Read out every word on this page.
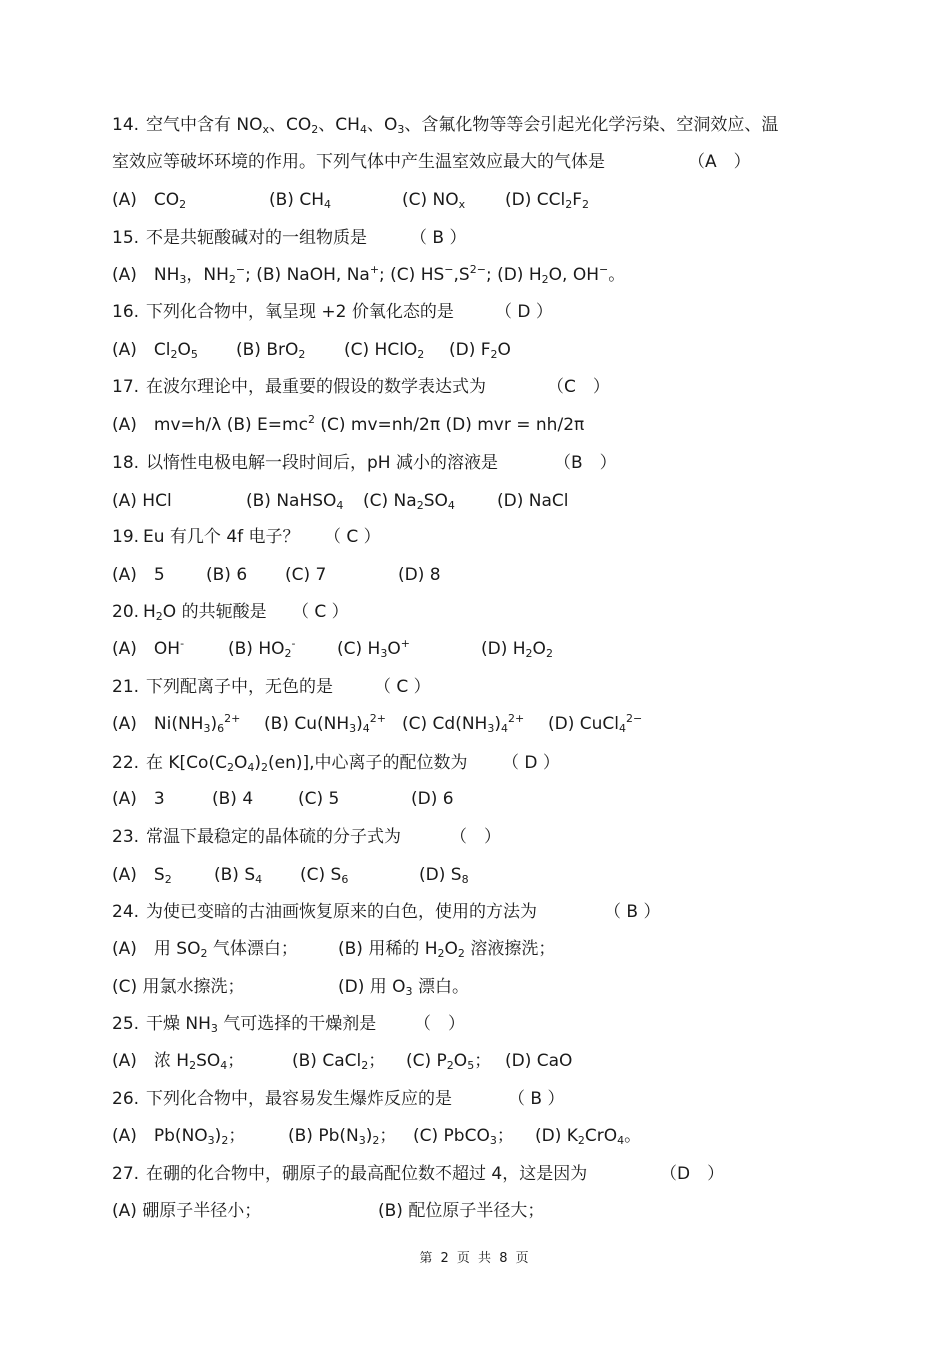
14. 空气中含有 $NO_x$、$CO_2$、$CH_4$、$O_3$、含氟化物等等会引起光化学污染、空洞效应、温
室效应等破坏环境的作用。下列气体中产生温室效应最大的气体是	（A　）
(A)　$CO_2$	(B) $CH_4$	(C) $NO_x$ (D) $CCl_2F_2$
15. 不是共轭酸碱对的一组物质是	（ B ）
(A)　$NH_3$，$NH_2^-$; (B) NaOH, Na+; (C) $HS^-,S^{2-}$; (D) $H_2O$, OH−。
16. 下列化合物中，氧呈现 +2 价氧化态的是 （ D ）
(A)　$Cl_2O_5$ (B) BrO$_2$ (C) HClO$_2$ (D) $F_2O$
17. 在波尔理论中，最重要的假设的数学表达式为	（C　）
(A)　mv=h/λ (B) $E=mc^2$ (C) mv=nh/2π (D) mvr = nh/2π
18. 以惰性电极电解一段时间后，pH 减小的溶液是	（B　）
(A) HCl	(B) NaHSO$_4$ (C) $Na_2SO_4$ (D) NaCl
19. Eu 有几个 4f 电子？ （ C ）
(A)　5 (B) 6 (C) 7	(D) 8
20. $H_2O$ 的共轭酸是 （ C ）
(A)　OH-	(B) $HO_2^-$ (C) $H_3O^+$	(D) $H_2O_2$
21. 下列配离子中，无色的是 （ C ）
(A)　$Ni(NH_3)_6^{2+}$ (B) $Cu(NH_3)_4^{2+}$ (C) $Cd(NH_3)_4^{2+}$ (D) CuCl$_4^{2-}$
22. 在 $K[Co(C_2O_4)_2(en)]$,中心离子的配位数为 （ D ）
(A)　3	(B) 4	(C) 5	(D) 6
23. 常温下最稳定的晶体硫的分子式为	（　）
(A)　$S_2$ (B) $S_4$ (C) $S_6$	(D) $S_8$
24. 为使已变暗的古油画恢复原来的白色，使用的方法为	（ B ）
(A)　用 $SO_2$ 气体漂白； (B) 用稀的 $H_2O_2$ 溶液擦洗；
(C) 用氯水擦洗；	(D) 用 $O_3$ 漂白。
25. 干燥 $NH_3$ 气可选择的干燥剂是 （　）
(A)　浓 $H_2SO_4$；	(B) CaCl$_2$； (C) $P_2O_5$； (D) CaO
26. 下列化合物中，最容易发生爆炸反应的是	（ B ）
(A)　$Pb(NO_3)_2$；	(B) $Pb(N_3)_2$； (C) PbCO$_3$； (D) $K_2CrO_4$。
27. 在硼的化合物中，硼原子的最高配位数不超过 4，这是因为	（D　）
(A) 硼原子半径小；	(B) 配位原子半径大；
第 2 页 共 8 页
